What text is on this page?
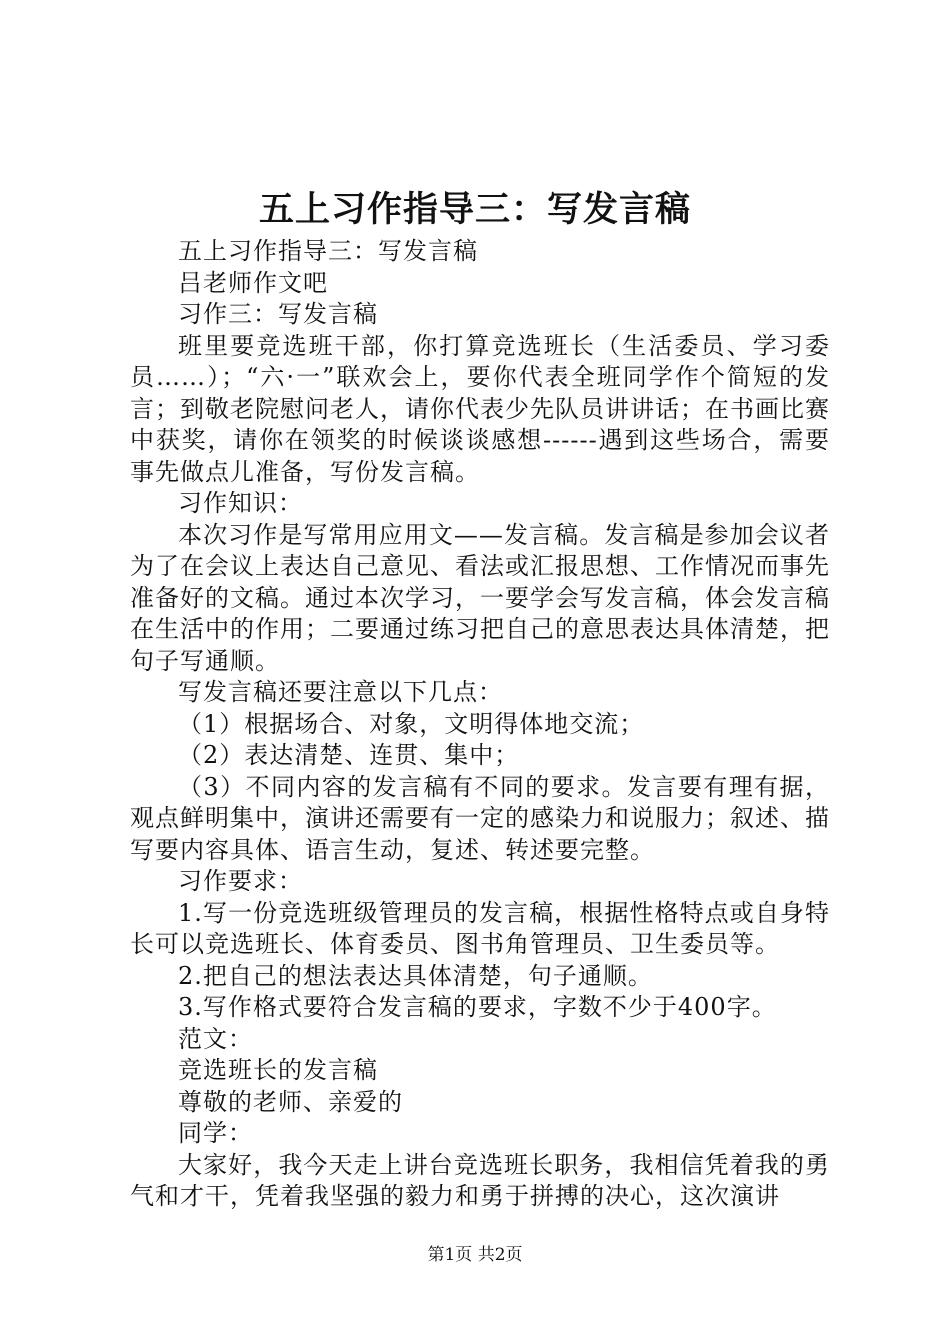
五上习作指导三：写发言稿

五上习作指导三：写发言稿

吕老师作文吧

习作三：写发言稿

班里要竞选班干部，你打算竞选班长（生活委员、学习委员……）；“六·一”联欢会上，要你代表全班同学作个简短的发言；到敬老院慰问老人，请你代表少先队员讲讲话；在书画比赛中获奖，请你在领奖的时候谈谈感想------遇到这些场合，需要事先做点儿准备，写份发言稿。

习作知识：

本次习作是写常用应用文——发言稿。发言稿是参加会议者为了在会议上表达自己意见、看法或汇报思想、工作情况而事先准备好的文稿。通过本次学习，一要学会写发言稿，体会发言稿在生活中的作用；二要通过练习把自己的意思表达具体清楚，把句子写通顺。

写发言稿还要注意以下几点：

（1）根据场合、对象，文明得体地交流；

（2）表达清楚、连贯、集中；

（3）不同内容的发言稿有不同的要求。发言要有理有据，观点鲜明集中，演讲还需要有一定的感染力和说服力；叙述、描写要内容具体、语言生动，复述、转述要完整。

习作要求：

1.写一份竞选班级管理员的发言稿，根据性格特点或自身特长可以竞选班长、体育委员、图书角管理员、卫生委员等。

2.把自己的想法表达具体清楚，句子通顺。

3.写作格式要符合发言稿的要求，字数不少于400字。

范文：

竞选班长的发言稿

尊敬的老师、亲爱的

同学：

大家好，我今天走上讲台竞选班长职务，我相信凭着我的勇气和才干，凭着我坚强的毅力和勇于拼搏的决心，这次演讲

第1页 共2页
